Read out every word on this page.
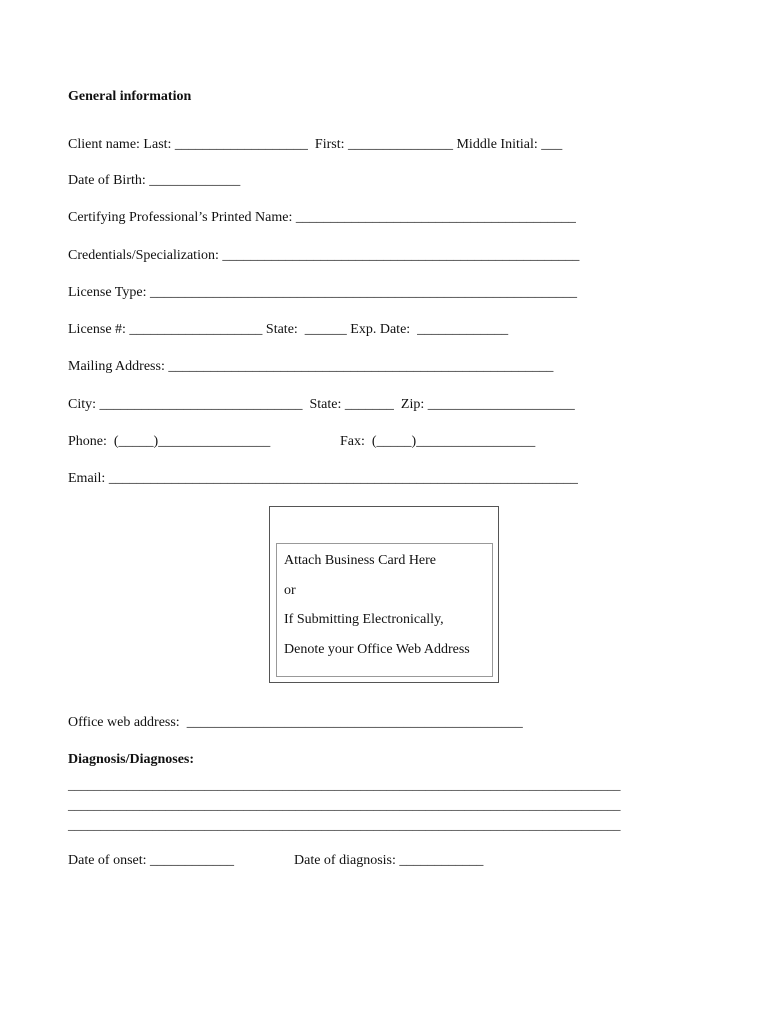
General information
Client name: Last: ___________________  First: _______________ Middle Initial: ___
Date of Birth: _____________
Certifying Professional’s Printed Name: ________________________________________
Credentials/Specialization: ___________________________________________________
License Type: _____________________________________________________________
License #: ___________________ State:  ______ Exp. Date:  _____________
Mailing Address: _______________________________________________________
City: _____________________________  State: _______  Zip: _____________________
Phone:  (_____)________________	Fax:  (_____)_________________
Email: ___________________________________________________________________
Attach Business Card Here
or
If Submitting Electronically,
Denote your Office Web Address
Office web address:  ________________________________________________
Diagnosis/Diagnoses:
_____________________________________________________________________________________
_____________________________________________________________________________________
_____________________________________________________________________________________
Date of onset: ____________	Date of diagnosis: ____________
